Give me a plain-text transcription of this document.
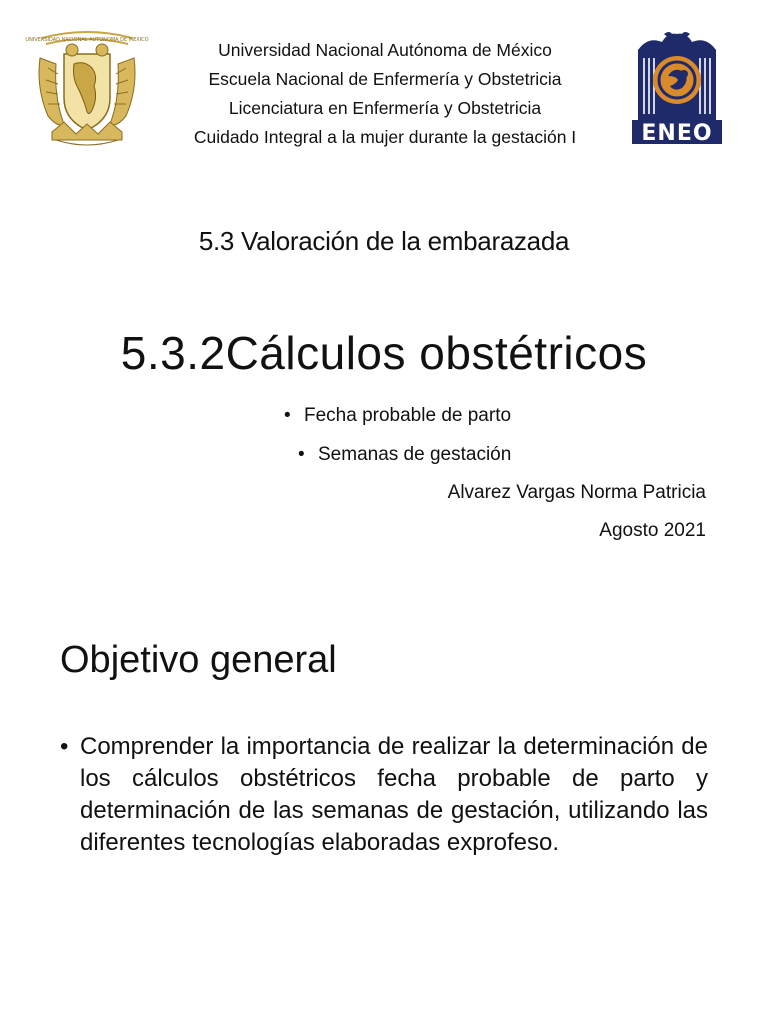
UNIVERSIDAD NACIONAL AUTONOMA DE MEXICO	Universidad Nacional Autónoma de México
Escuela Nacional de Enfermería y Obstetricia
Licenciatura en Enfermería y Obstetricia
Cuidado Integral a la mujer durante la gestación I	ENEO
5.3 Valoración de la embarazada
5.3.2Cálculos obstétricos
• Fecha probable de parto
• Semanas de gestación
Alvarez Vargas Norma Patricia
Agosto 2021
Objetivo general
• Comprender la importancia de realizar la determinación de los cálculos obstétricos fecha probable de parto y determinación de las semanas de gestación, utilizando las diferentes tecnologías elaboradas exprofeso.
